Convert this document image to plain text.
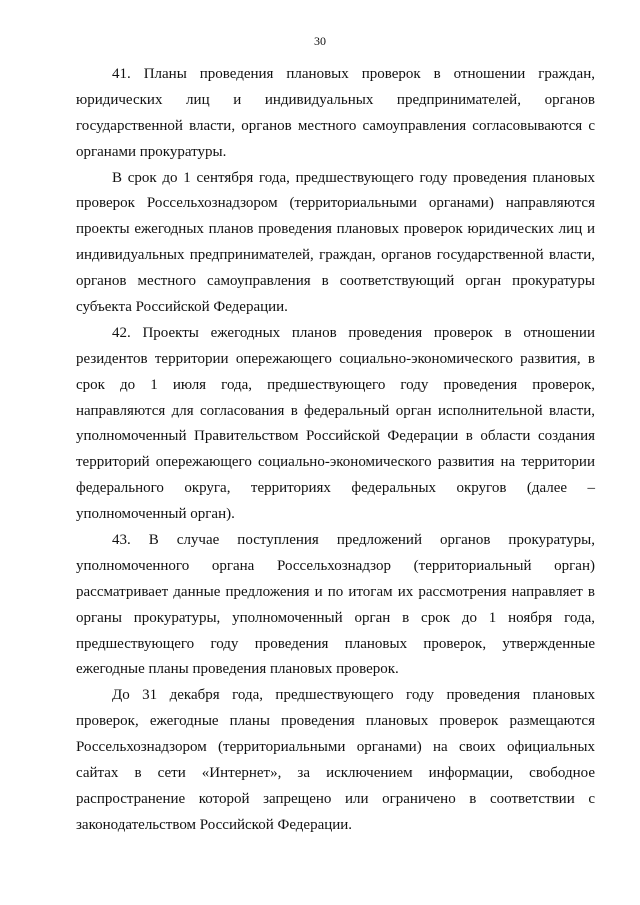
30
41. Планы проведения плановых проверок в отношении граждан,
юридических лиц и индивидуальных предпринимателей, органов
государственной власти, органов местного самоуправления согласовываются с
органами прокуратуры.
В срок до 1 сентября года, предшествующего году проведения плановых
проверок Россельхознадзором (территориальными органами) направляются
проекты ежегодных планов проведения плановых проверок юридических лиц и
индивидуальных предпринимателей, граждан, органов государственной власти,
органов местного самоуправления в соответствующий орган прокуратуры
субъекта Российской Федерации.
42. Проекты ежегодных планов проведения проверок в отношении
резидентов территории опережающего социально-экономического развития, в
срок до 1 июля года, предшествующего году проведения проверок,
направляются для согласования в федеральный орган исполнительной власти,
уполномоченный Правительством Российской Федерации в области создания
территорий опережающего социально-экономического развития на территории
федерального округа, территориях федеральных округов (далее –
уполномоченный орган).
43. В случае поступления предложений органов прокуратуры,
уполномоченного органа Россельхознадзор (территориальный орган)
рассматривает данные предложения и по итогам их рассмотрения направляет в
органы прокуратуры, уполномоченный орган в срок до 1 ноября года,
предшествующего году проведения плановых проверок, утвержденные
ежегодные планы проведения плановых проверок.
До 31 декабря года, предшествующего году проведения плановых
проверок, ежегодные планы проведения плановых проверок размещаются
Россельхознадзором (территориальными органами) на своих официальных
сайтах в сети «Интернет», за исключением информации, свободное
распространение которой запрещено или ограничено в соответствии с
законодательством Российской Федерации.
